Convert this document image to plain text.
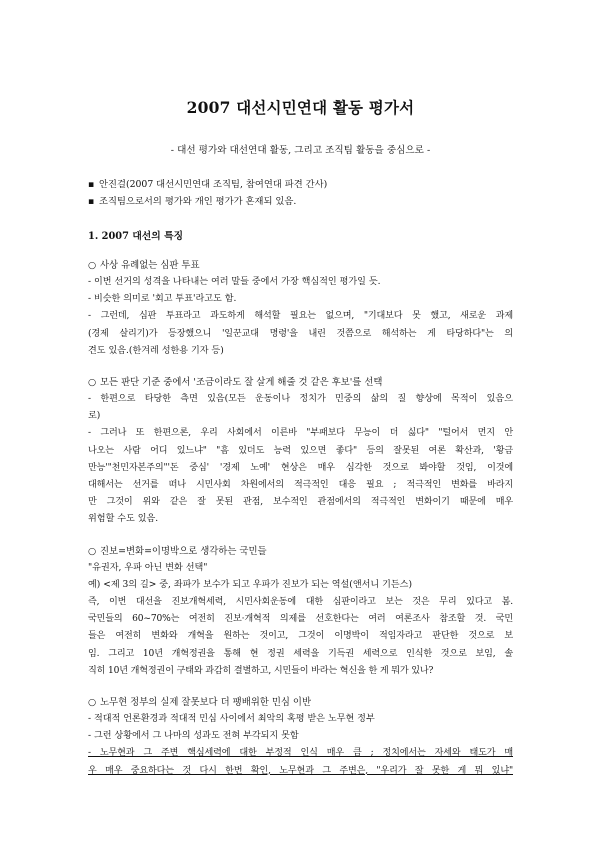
2007 대선시민연대 활동 평가서
- 대선 평가와 대선연대 활동, 그리고 조직팀 활동을 중심으로 -
▪ 안진걸(2007 대선시민연대 조직팀, 참여연대 파견 간사)
▪ 조직팀으로서의 평가와 개인 평가가 혼재되 있음.
1. 2007 대선의 특징
○ 사상 유례없는 심판 투표
- 이번 선거의 성격을 나타내는 여러 말들 중에서 가장 핵심적인 평가일 듯.
- 비슷한 의미로 '회고 투표'라고도 함.
- 그런데, 심판 투표라고 과도하게 해석할 필요는 없으며, "기대보다 못 했고, 새로운 과제
(경제 살리기)가 등장했으니 '일꾼교대 명령'을 내린 것쯤으로 해석하는 게 타당하다"는 의
견도 있음.(한겨레 성한용 기자 등)
○ 모든 판단 기준 중에서 '조금이라도 잘 살게 해줄 것 같은 후보'를 선택
- 한편으로 타당한 측면 있음(모든 운동이나 정치가 민중의 삶의 질 향상에 목적이 있음으
로)
- 그러나 또 한편으론, 우리 사회에서 이른바 "부패보다 무능이 더 싫다" "털어서 먼지 안
나오는 사람 어디 있느냐" "흠 있더도 능력 있으면 좋다" 등의 잘못된 여론 확산과, '황금
만능'"천민자본주의"'돈 중심' '경제 노예' 현상은 매우 심각한 것으로 봐야할 것임, 이것에
대해서는 선거를 떠나 시민사회 차원에서의 적극적인 대응 필요 ; 적극적인 변화를 바라지
만 그것이 위와 같은 잘 못된 관점, 보수적인 관점에서의 적극적인 변화이기 때문에 매우
위험할 수도 있음.
○ 진보=변화=이명박으로 생각하는 국민들
"유권자, 우파 아닌 변화 선택"
예) <제 3의 길> 중, 좌파가 보수가 되고 우파가 진보가 되는 역설(앤서니 기든스)
즉, 이번 대선을 진보개혁세력, 시민사회운동에 대한 심판이라고 보는 것은 무리 있다고 봄.
국민들의 60~70%는 여전히 진보·개혁적 의제를 선호한다는 여러 여론조사 참조할 것. 국민
들은 여전히 변화와 개혁을 원하는 것이고, 그것이 이명박이 적임자라고 판단한 것으로 보
임. 그리고 10년 개혁정권을 통해 현 정권 세력을 기득권 세력으로 인식한 것으로 보임, 솔
직히 10년 개혁정권이 구태와 과감히 결별하고, 시민들이 바라는 혁신을 한 게 뭐가 있나?
○ 노무현 정부의 실제 잘못보다 더 팽배위한 민심 이반
- 적대적 언론환경과 적대적 민심 사이에서 최악의 혹평 받은 노무현 정부
- 그런 상황에서 그 나마의 성과도 전혀 부각되지 못함
- 노무현과 그 주변 핵심세력에 대한 부정적 인식 매우 큼 ; 정치에서는 자세와 태도가 매
우 매우 중요하다는 것 다시 한번 확인, 노무현과 그 주변은, "우리가 잘 못한 게 뭐 있냐"
